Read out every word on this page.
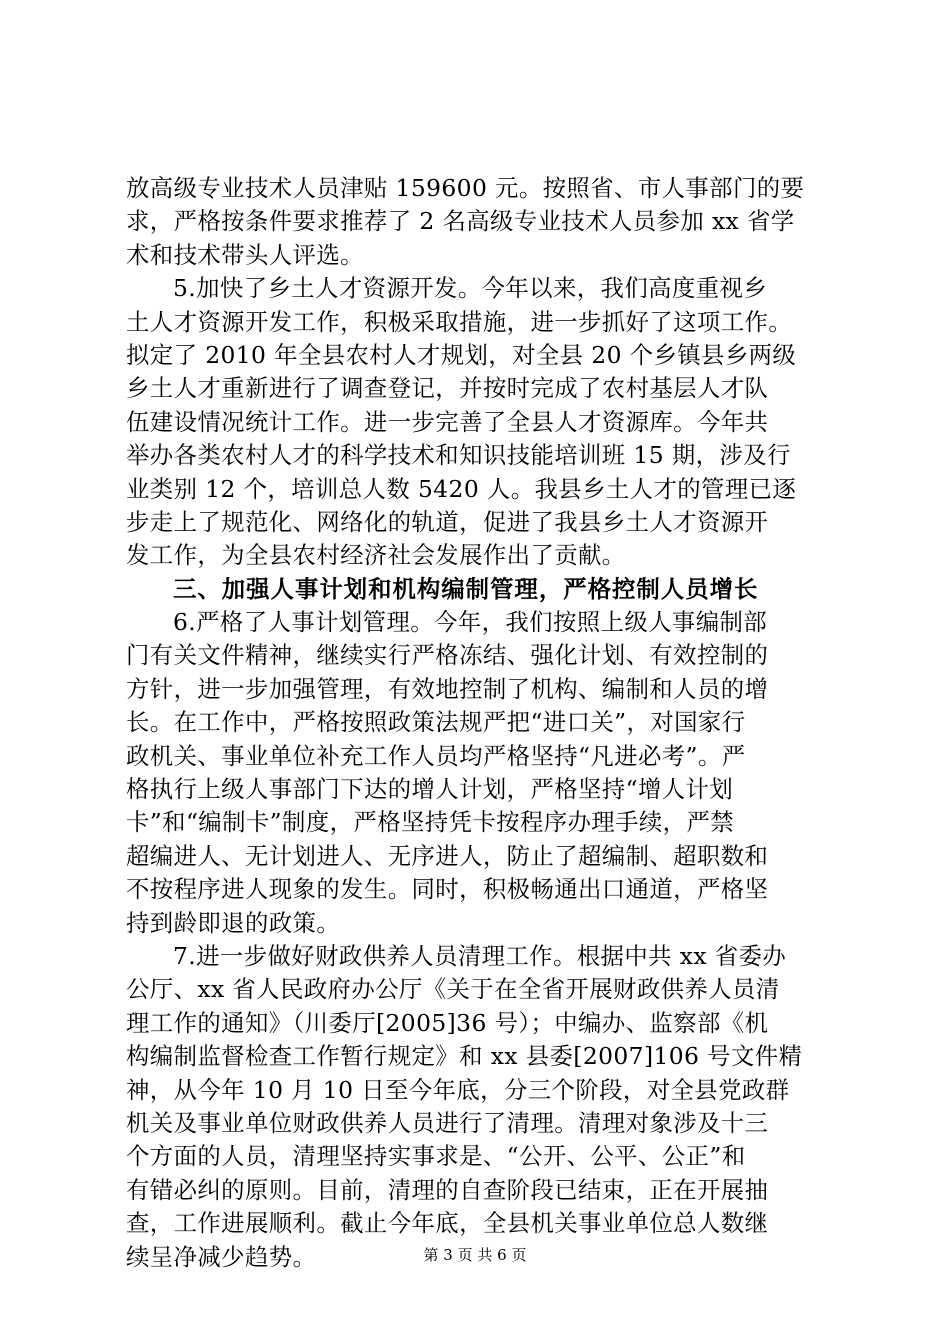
放高级专业技术人员津贴 159600 元。按照省、市人事部门的要
求，严格按条件要求推荐了 2 名高级专业技术人员参加 xx 省学
术和技术带头人评选。
5.加快了乡土人才资源开发。今年以来，我们高度重视乡
土人才资源开发工作，积极采取措施，进一步抓好了这项工作。
拟定了 2010 年全县农村人才规划，对全县 20 个乡镇县乡两级
乡土人才重新进行了调查登记，并按时完成了农村基层人才队
伍建设情况统计工作。进一步完善了全县人才资源库。今年共
举办各类农村人才的科学技术和知识技能培训班 15 期，涉及行
业类别 12 个，培训总人数 5420 人。我县乡土人才的管理已逐
步走上了规范化、网络化的轨道，促进了我县乡土人才资源开
发工作，为全县农村经济社会发展作出了贡献。
三、加强人事计划和机构编制管理，严格控制人员增长
6.严格了人事计划管理。今年，我们按照上级人事编制部
门有关文件精神，继续实行严格冻结、强化计划、有效控制的
方针，进一步加强管理，有效地控制了机构、编制和人员的增
长。在工作中，严格按照政策法规严把“进口关”，对国家行
政机关、事业单位补充工作人员均严格坚持“凡进必考”。严
格执行上级人事部门下达的增人计划，严格坚持“增人计划
卡”和“编制卡”制度，严格坚持凭卡按程序办理手续，严禁
超编进人、无计划进人、无序进人，防止了超编制、超职数和
不按程序进人现象的发生。同时，积极畅通出口通道，严格坚
持到龄即退的政策。
7.进一步做好财政供养人员清理工作。根据中共 xx 省委办
公厅、xx 省人民政府办公厅《关于在全省开展财政供养人员清
理工作的通知》（川委厅[2005]36 号）；中编办、监察部《机
构编制监督检查工作暂行规定》和 xx 县委[2007]106 号文件精
神，从今年 10 月 10 日至今年底，分三个阶段，对全县党政群
机关及事业单位财政供养人员进行了清理。清理对象涉及十三
个方面的人员，清理坚持实事求是、“公开、公平、公正”和
有错必纠的原则。目前，清理的自查阶段已结束，正在开展抽
查，工作进展顺利。截止今年底，全县机关事业单位总人数继
续呈净减少趋势。	第 3 页 共 6 页
